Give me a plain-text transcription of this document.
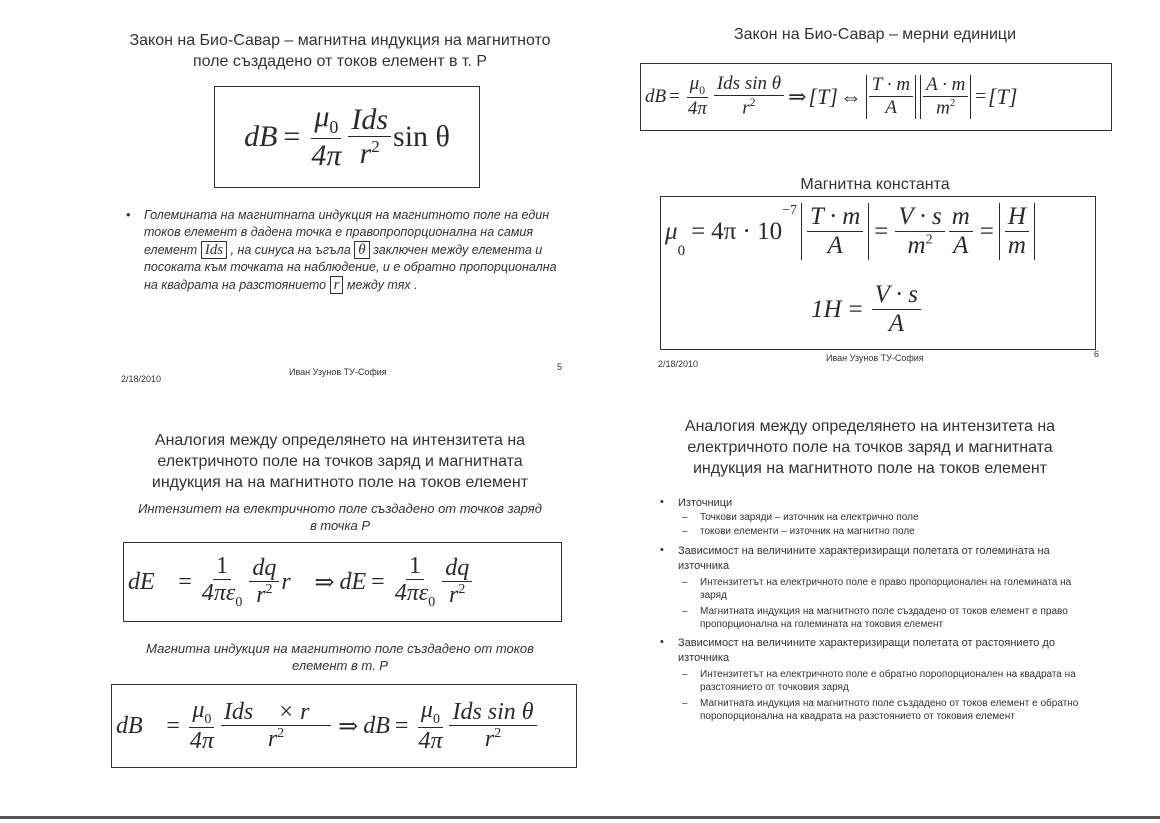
Закон на Био-Савар – магнитна индукция на магнитното
поле създадено от токов елемент в т. Р
dB = $\frac{\mu_0}{4\pi} \frac{\text{Ids}}{r^2}$ sin θ
• Големината на магнитната индукция на магнитното поле на един токов елемент в дадена точка е правопропорционална на самия елемент Ids , на синуса на ъгъла θ заключен между елемента и посоката към точката на наблюдение, и е обратно пропорционална на квадрата на разстоянието r между тях .
2/18/2010
Иван Узунов ТУ-София	5
Закон на Био-Савар – мерни единици
dB = $\frac{\mu_0}{4\pi} \frac{\text{Ids sin θ}}{r^2}$ ⇒ [T] ⇔ $\frac{T \cdot m}{A} \frac{A \cdot m}{m^2} = [T]$
Магнитна константа
μ
$_0$
= 4π · 10
$^{-7} \frac{T \cdot m}{A} = \frac{V \cdot s}{m^2} \frac{m}{A} = \frac{H}{m}$
$1H = \frac{V \cdot s}{A}$
2/18/2010
Иван Узунов ТУ-София	6
Аналогия между определянето на интензитета на
електричното поле на точков заряд и магнитната
индукция на на магнитното поле на токов елемент
Интензитет на електричното поле създадено от точков заряд
в точка Р
dE⃗ = $\frac{1}{4\pi\varepsilon_0} \frac{dq}{r^2}$ r⃗ ⇒ dE = $\frac{1}{4\pi\varepsilon_0} \frac{dq}{r^2}$
Магнитна индукция на магнитното поле създадено от токов
елемент в т. Р
dB⃗ = $\frac{\mu_0}{4\pi} \frac{\text{Ids⃗ × r⃗}}{r^2}$ ⇒ dB = $\frac{\mu_0}{4\pi} \frac{\text{Ids sin θ}}{r^2}$
Аналогия между определянето на интензитета на
електричното поле на точков заряд и магнитната
индукция на магнитното поле на токов елемент
• Източници
– Точкови заряди – източник на електрично поле
– токови елементи – източник на магнитно поле
• Зависимост на величините характеризиращи полетата от големината на източника
– Интензитетът на електричното поле е право пропорционален на големината на заряд
– Магнитната индукция на магнитното поле създадено от токов елемент е право пропорционална на големината на токовия елемент
• Зависимост на величините характеризиращи полетата от растоянието до източника
– Интензитетът на електричното поле е обратно поропорционален на квадрата на разстоянието от точковия заряд
– Магнитната индукция на магнитното поле създадено от токов елемент е обратно поропорционална на квадрата на разстоянието от токовия елемент
